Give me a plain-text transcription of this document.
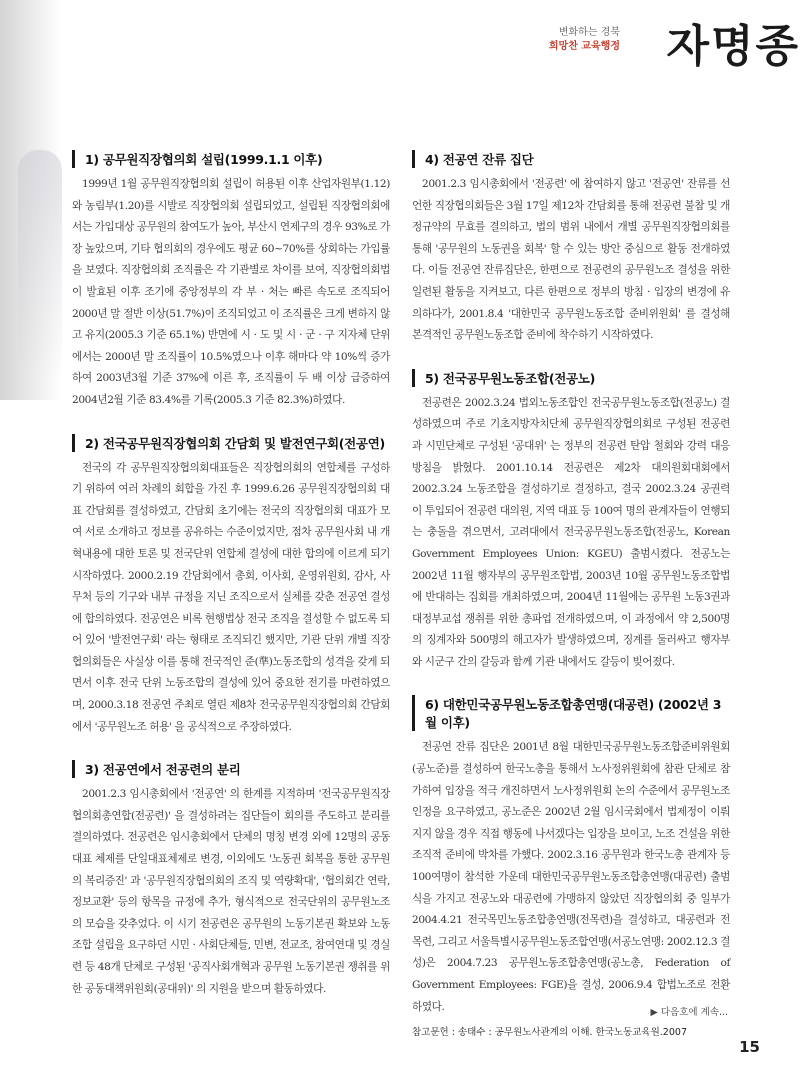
변화하는 경북
희망찬 교육행정 자명종
1) 공무원직장협의회 설립(1999.1.1 이후)

1999년 1월 공무원직장협의회 설립이 허용된 이후 산업자원부(1.12)와 농림부(1.20)를 시발로 직장협의회 설립되었고, 설립된 직장협의회에서는 가입대상 공무원의 참여도가 높아, 부산시 연제구의 경우 93%로 가장 높았으며, 기타 협의회의 경우에도 평균 60~70%를 상회하는 가입률을 보였다. 직장협의회 조직률은 각 기관별로 차이를 보여, 직장협의회법이 발효된 이후 조기에 중앙정부의 각 부 · 처는 빠른 속도로 조직되어 2000년 말 절반 이상(51.7%)이 조직되었고 이 조직률은 크게 변하지 않고 유지(2005.3 기준 65.1%) 반면에 시 · 도 및 시 · 군 · 구 지자체 단위에서는 2000년 말 조직률이 10.5%였으나 이후 해마다 약 10%씩 증가하여 2003년3월 기준 37%에 이른 후, 조직률이 두 배 이상 급증하여 2004년2월 기준 83.4%를 기록(2005.3 기준 82.3%)하였다.

2) 전국공무원직장협의회 간담회 및 발전연구회(전공연)

전국의 각 공무원직장협의회대표들은 직장협의회의 연합체를 구성하기 위하여 여러 차례의 회합을 가진 후 1999.6.26 공무원직장협의회 대표 간담회를 결성하였고, 간담회 초기에는 전국의 직장협의회 대표가 모여 서로 소개하고 정보를 공유하는 수준이었지만, 점차 공무원사회 내 개혁내용에 대한 토론 및 전국단위 연합체 결성에 대한 합의에 이르게 되기 시작하였다. 2000.2.19 간담회에서 총회, 이사회, 운영위원회, 감사, 사무처 등의 기구와 내부 규정을 지닌 조직으로서 실체를 갖춘 전공연 결성에 합의하였다. 전공연은 비록 현행법상 전국 조직을 결성할 수 없도록 되어 있어 '발전연구회' 라는 형태로 조직되긴 했지만, 기관 단위 개별 직장협의회들은 사실상 이를 통해 전국적인 준(準)노동조합의 성격을 갖게 되면서 이후 전국 단위 노동조합의 결성에 있어 중요한 전기를 마련하였으며, 2000.3.18 전공연 주최로 열린 제8차 전국공무원직장협의회 간담회에서 '공무원노조 허용' 을 공식적으로 주장하였다.

3) 전공연에서 전공련의 분리

2001.2.3 임시총회에서 '전공연' 의 한계를 지적하며 '전국공무원직장협의회총연합(전공련)' 을 결성하려는 집단들이 회의를 주도하고 분리를 결의하였다. 전공련은 임시총회에서 단체의 명칭 변경 외에 12명의 공동대표 체제를 단일대표체제로 변경, 이외에도 '노동권 회복을 통한 공무원의 복리증진' 과 '공무원직장협의회의 조직 및 역량확대', '협의회간 연락, 정보교환' 등의 항목을 규정에 추가, 형식적으로 전국단위의 공무원노조의 모습을 갖추었다. 이 시기 전공련은 공무원의 노동기본권 확보와 노동조합 설립을 요구하던 시민 · 사회단체들, 민변, 전교조, 참여연대 및 경실련 등 48개 단체로 구성된 '공직사회개혁과 공무원 노동기본권 쟁취를 위한 공동대책위원회(공대위)' 의 지원을 받으며 활동하였다.

4) 전공연 잔류 집단

2001.2.3 임시총회에서 '전공련' 에 참여하지 않고 '전공연' 잔류를 선언한 직장협의회들은 3월 17일 제12차 간담회를 통해 전공련 불참 및 개정규약의 무효를 결의하고, 법의 범위 내에서 개별 공무원직장협의회를 통해 '공무원의 노동권을 회복' 할 수 있는 방안 중심으로 활동 전개하였다. 이들 전공연 잔류집단은, 한편으로 전공련의 공무원노조 결성을 위한 일련된 활동을 지켜보고, 다른 한편으로 정부의 방침 · 입장의 변경에 유의하다가, 2001.8.4 '대한민국 공무원노동조합 준비위원회' 를 결성해 본격적인 공무원노동조합 준비에 착수하기 시작하였다.

5) 전국공무원노동조합(전공노)

전공련은 2002.3.24 법외노동조합인 전국공무원노동조합(전공노) 결성하였으며 주로 기초지방자치단체 공무원직장협의회로 구성된 전공련과 시민단체로 구성된 '공대위' 는 정부의 전공련 탄압 철회와 강력 대응 방침을 밝혔다. 2001.10.14 전공련은 제2차 대의원회대회에서 2002.3.24 노동조합을 결성하기로 결정하고, 결국 2002.3.24 공권력이 투입되어 전공련 대의원, 지역 대표 등 100여 명의 관계자들이 연행되는 충돌을 겪으면서, 고려대에서 전국공무원노동조합(전공노, Korean Government Employees Union: KGEU) 출범시켰다. 전공노는 2002년 11월 행자부의 공무원조합법, 2003년 10월 공무원노동조합법에 반대하는 집회를 개최하였으며, 2004년 11월에는 공무원 노동3권과 대정부교섭 쟁취를 위한 총파업 전개하였으며, 이 과정에서 약 2,500명의 징계자와 500명의 해고자가 발생하였으며, 징계를 둘러싸고 행자부와 시군구 간의 갈등과 함께 기관 내에서도 갈등이 빚어졌다.

6) 대한민국공무원노동조합총연맹(대공련) (2002년 3월 이후)

전공연 잔류 집단은 2001년 8월 대한민국공무원노동조합준비위원회(공노준)를 결성하여 한국노총을 통해서 노사정위원회에 참관 단체로 참가하여 입장을 적극 개진하면서 노사정위원회 논의 수준에서 공무원노조 인정을 요구하였고, 공노준은 2002년 2월 임시국회에서 법제정이 이뤄지지 않을 경우 직접 행동에 나서겠다는 입장을 보이고, 노조 건설을 위한 조직적 준비에 박차를 가했다. 2002.3.16 공무원과 한국노총 관계자 등 100여명이 참석한 가운데 대한민국공무원노동조합총연맹(대공련) 출범식을 가지고 전공노와 대공련에 가맹하지 않았던 직장협의회 중 일부가 2004.4.21 전국목민노동조합총연맹(전목련)을 결성하고, 대공련과 전목련, 그리고 서울특별시공무원노동조합연맹(서공노연맹: 2002.12.3 결성)은 2004.7.23 공무원노동조합총연맹(공노총, Federation of Government Employees: FGE)을 결성, 2006.9.4 합법노조로 전환하였다.	▶ 다음호에 계속...
참고문헌 : 송태수 : 공무원노사관계의 이해. 한국노동교육원.2007
15
